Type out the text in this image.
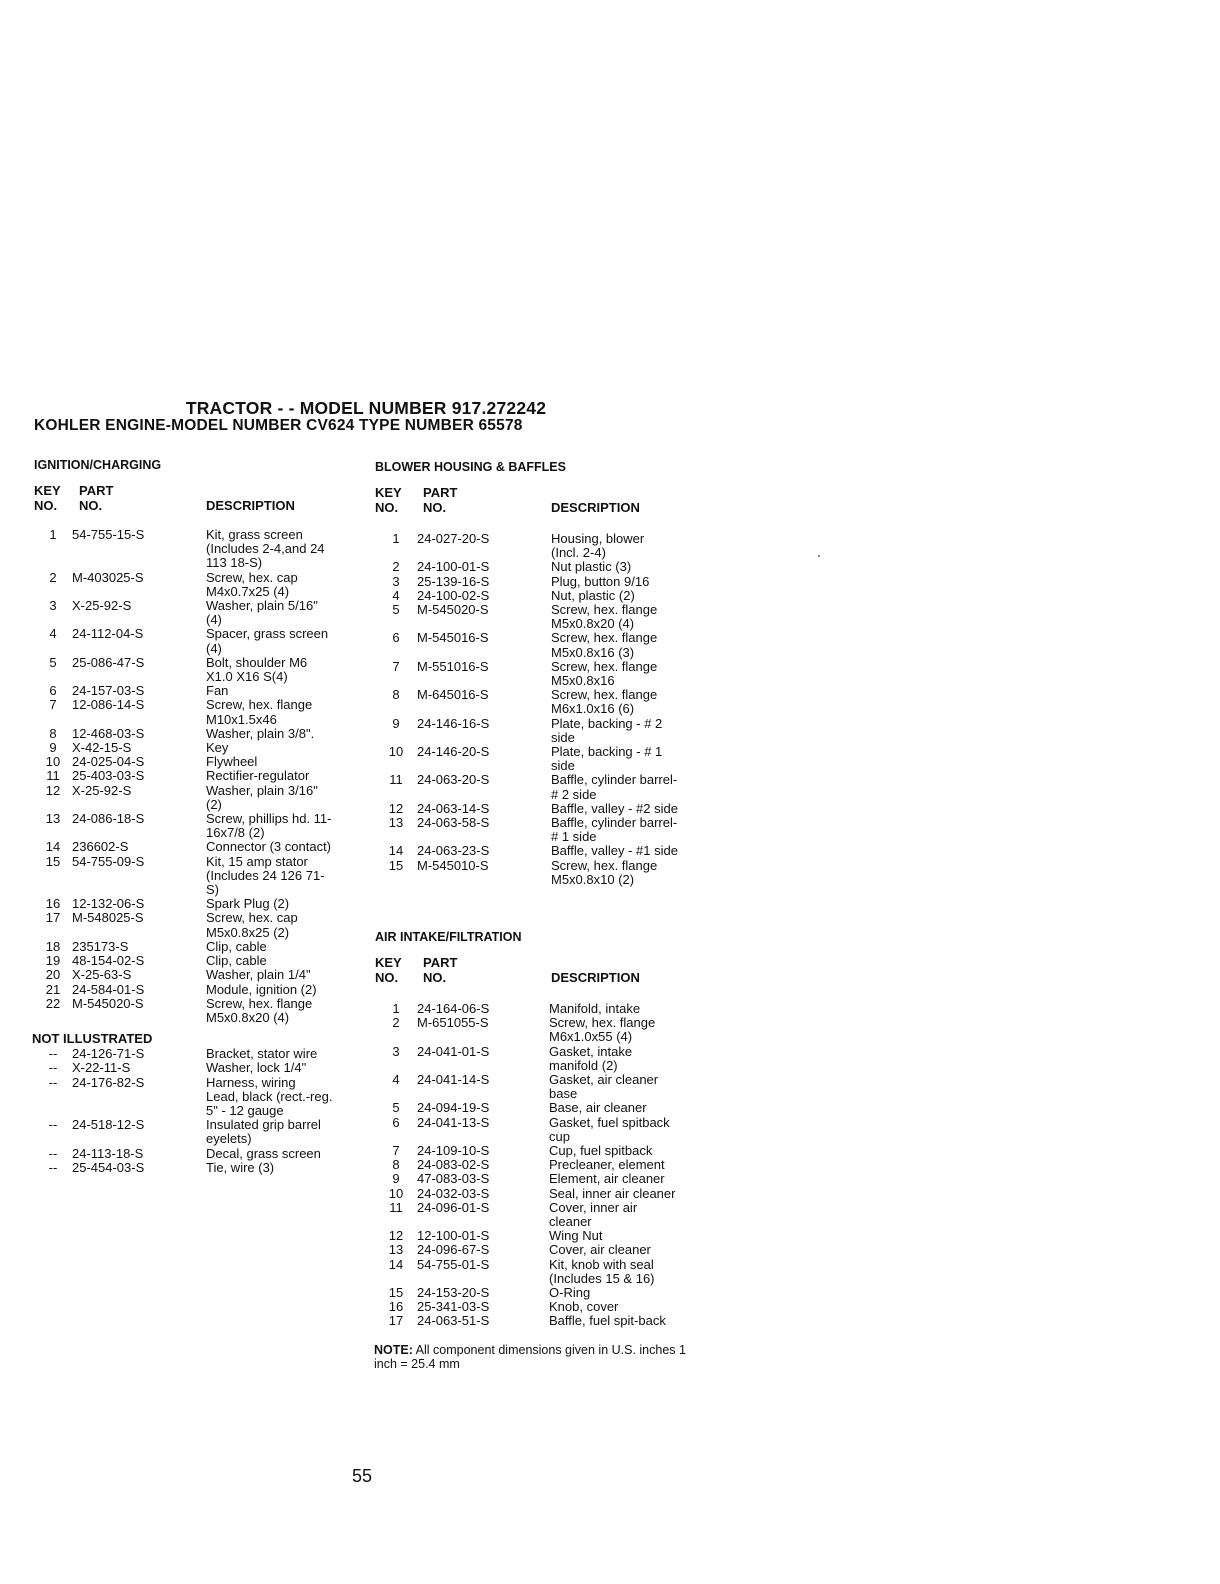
TRACTOR - - MODEL NUMBER 917.272242
KOHLER ENGINE-MODEL NUMBER CV624 TYPE NUMBER 65578
IGNITION/CHARGING
KEY
NO.
PART
NO.	DESCRIPTION
1	54-755-15-S	Kit, grass screen
(Includes 2-4,and 24
113 18-S)
2	M-403025-S	Screw, hex. cap
M4x0.7x25 (4)
3	X-25-92-S	Washer, plain 5/16"
(4)
4	24-112-04-S	Spacer, grass screen
(4)
5	25-086-47-S	Bolt, shoulder M6
X1.0 X16 S(4)
6	24-157-03-S	Fan
7	12-086-14-S	Screw, hex. flange
M10x1.5x46
8	12-468-03-S	Washer, plain 3/8".
9	X-42-15-S	Key
10 24-025-04-S	Flywheel
11 25-403-03-S	Rectifier-regulator
12 X-25-92-S	Washer, plain 3/16"
(2)
13 24-086-18-S	Screw, phillips hd. 11-
16x7/8 (2)
14 236602-S	Connector (3 contact)
15 54-755-09-S	Kit, 15 amp stator
(Includes 24 126 71-
S)
16 12-132-06-S	Spark Plug (2)
17 M-548025-S	Screw, hex. cap
M5x0.8x25 (2)
18 235173-S	Clip, cable
19 48-154-02-S	Clip, cable
20 X-25-63-S	Washer, plain 1/4"
21 24-584-01-S	Module, ignition (2)
22 M-545020-S	Screw, hex. flange
M5x0.8x20 (4)
NOT ILLUSTRATED
--	24-126-71-S	Bracket, stator wire
--	X-22-11-S	Washer, lock 1/4"
--	24-176-82-S	Harness, wiring
Lead, black (rect.-reg.
5" - 12 gauge
--	24-518-12-S	Insulated grip barrel
eyelets)
--	24-113-18-S	Decal, grass screen
--	25-454-03-S	Tie, wire (3)
BLOWER HOUSING & BAFFLES
KEY
NO.
PART
NO.	DESCRIPTION
1	24-027-20-S	Housing, blower
(Incl. 2-4)
2	24-100-01-S	Nut plastic (3)
3	25-139-16-S	Plug, button 9/16
4	24-100-02-S	Nut, plastic (2)
5	M-545020-S	Screw, hex. flange
M5x0.8x20 (4)
6	M-545016-S	Screw, hex. flange
M5x0.8x16 (3)
7	M-551016-S	Screw, hex. flange
M5x0.8x16
8	M-645016-S	Screw, hex. flange
M6x1.0x16 (6)
9	24-146-16-S	Plate, backing - # 2
side
10	24-146-20-S	Plate, backing - # 1
side
11	24-063-20-S	Baffle, cylinder barrel-
# 2 side
12	24-063-14-S	Baffle, valley - #2 side
13	24-063-58-S	Baffle, cylinder barrel-
# 1 side
14	24-063-23-S	Baffle, valley - #1 side
15	M-545010-S	Screw, hex. flange
M5x0.8x10 (2)
AIR INTAKE/FILTRATION
KEY
NO.
PART
NO.	DESCRIPTION
1	24-164-06-S	Manifold, intake
2	M-651055-S	Screw, hex. flange
M6x1.0x55 (4)
3	24-041-01-S	Gasket, intake
manifold (2)
4	24-041-14-S	Gasket, air cleaner
base
5	24-094-19-S	Base, air cleaner
6	24-041-13-S	Gasket, fuel spitback
cup
7	24-109-10-S	Cup, fuel spitback
8	24-083-02-S	Precleaner, element
9	47-083-03-S	Element, air cleaner
10	24-032-03-S	Seal, inner air cleaner
11	24-096-01-S	Cover, inner air
cleaner
12	12-100-01-S	Wing Nut
13	24-096-67-S	Cover, air cleaner
14	54-755-01-S	Kit, knob with seal
(Includes 15 & 16)
15	24-153-20-S	O-Ring
16	25-341-03-S	Knob, cover
17	24-063-51-S	Baffle, fuel spit-back
NOTE: All component dimensions given in U.S. inches 1 inch = 25.4 mm
55
